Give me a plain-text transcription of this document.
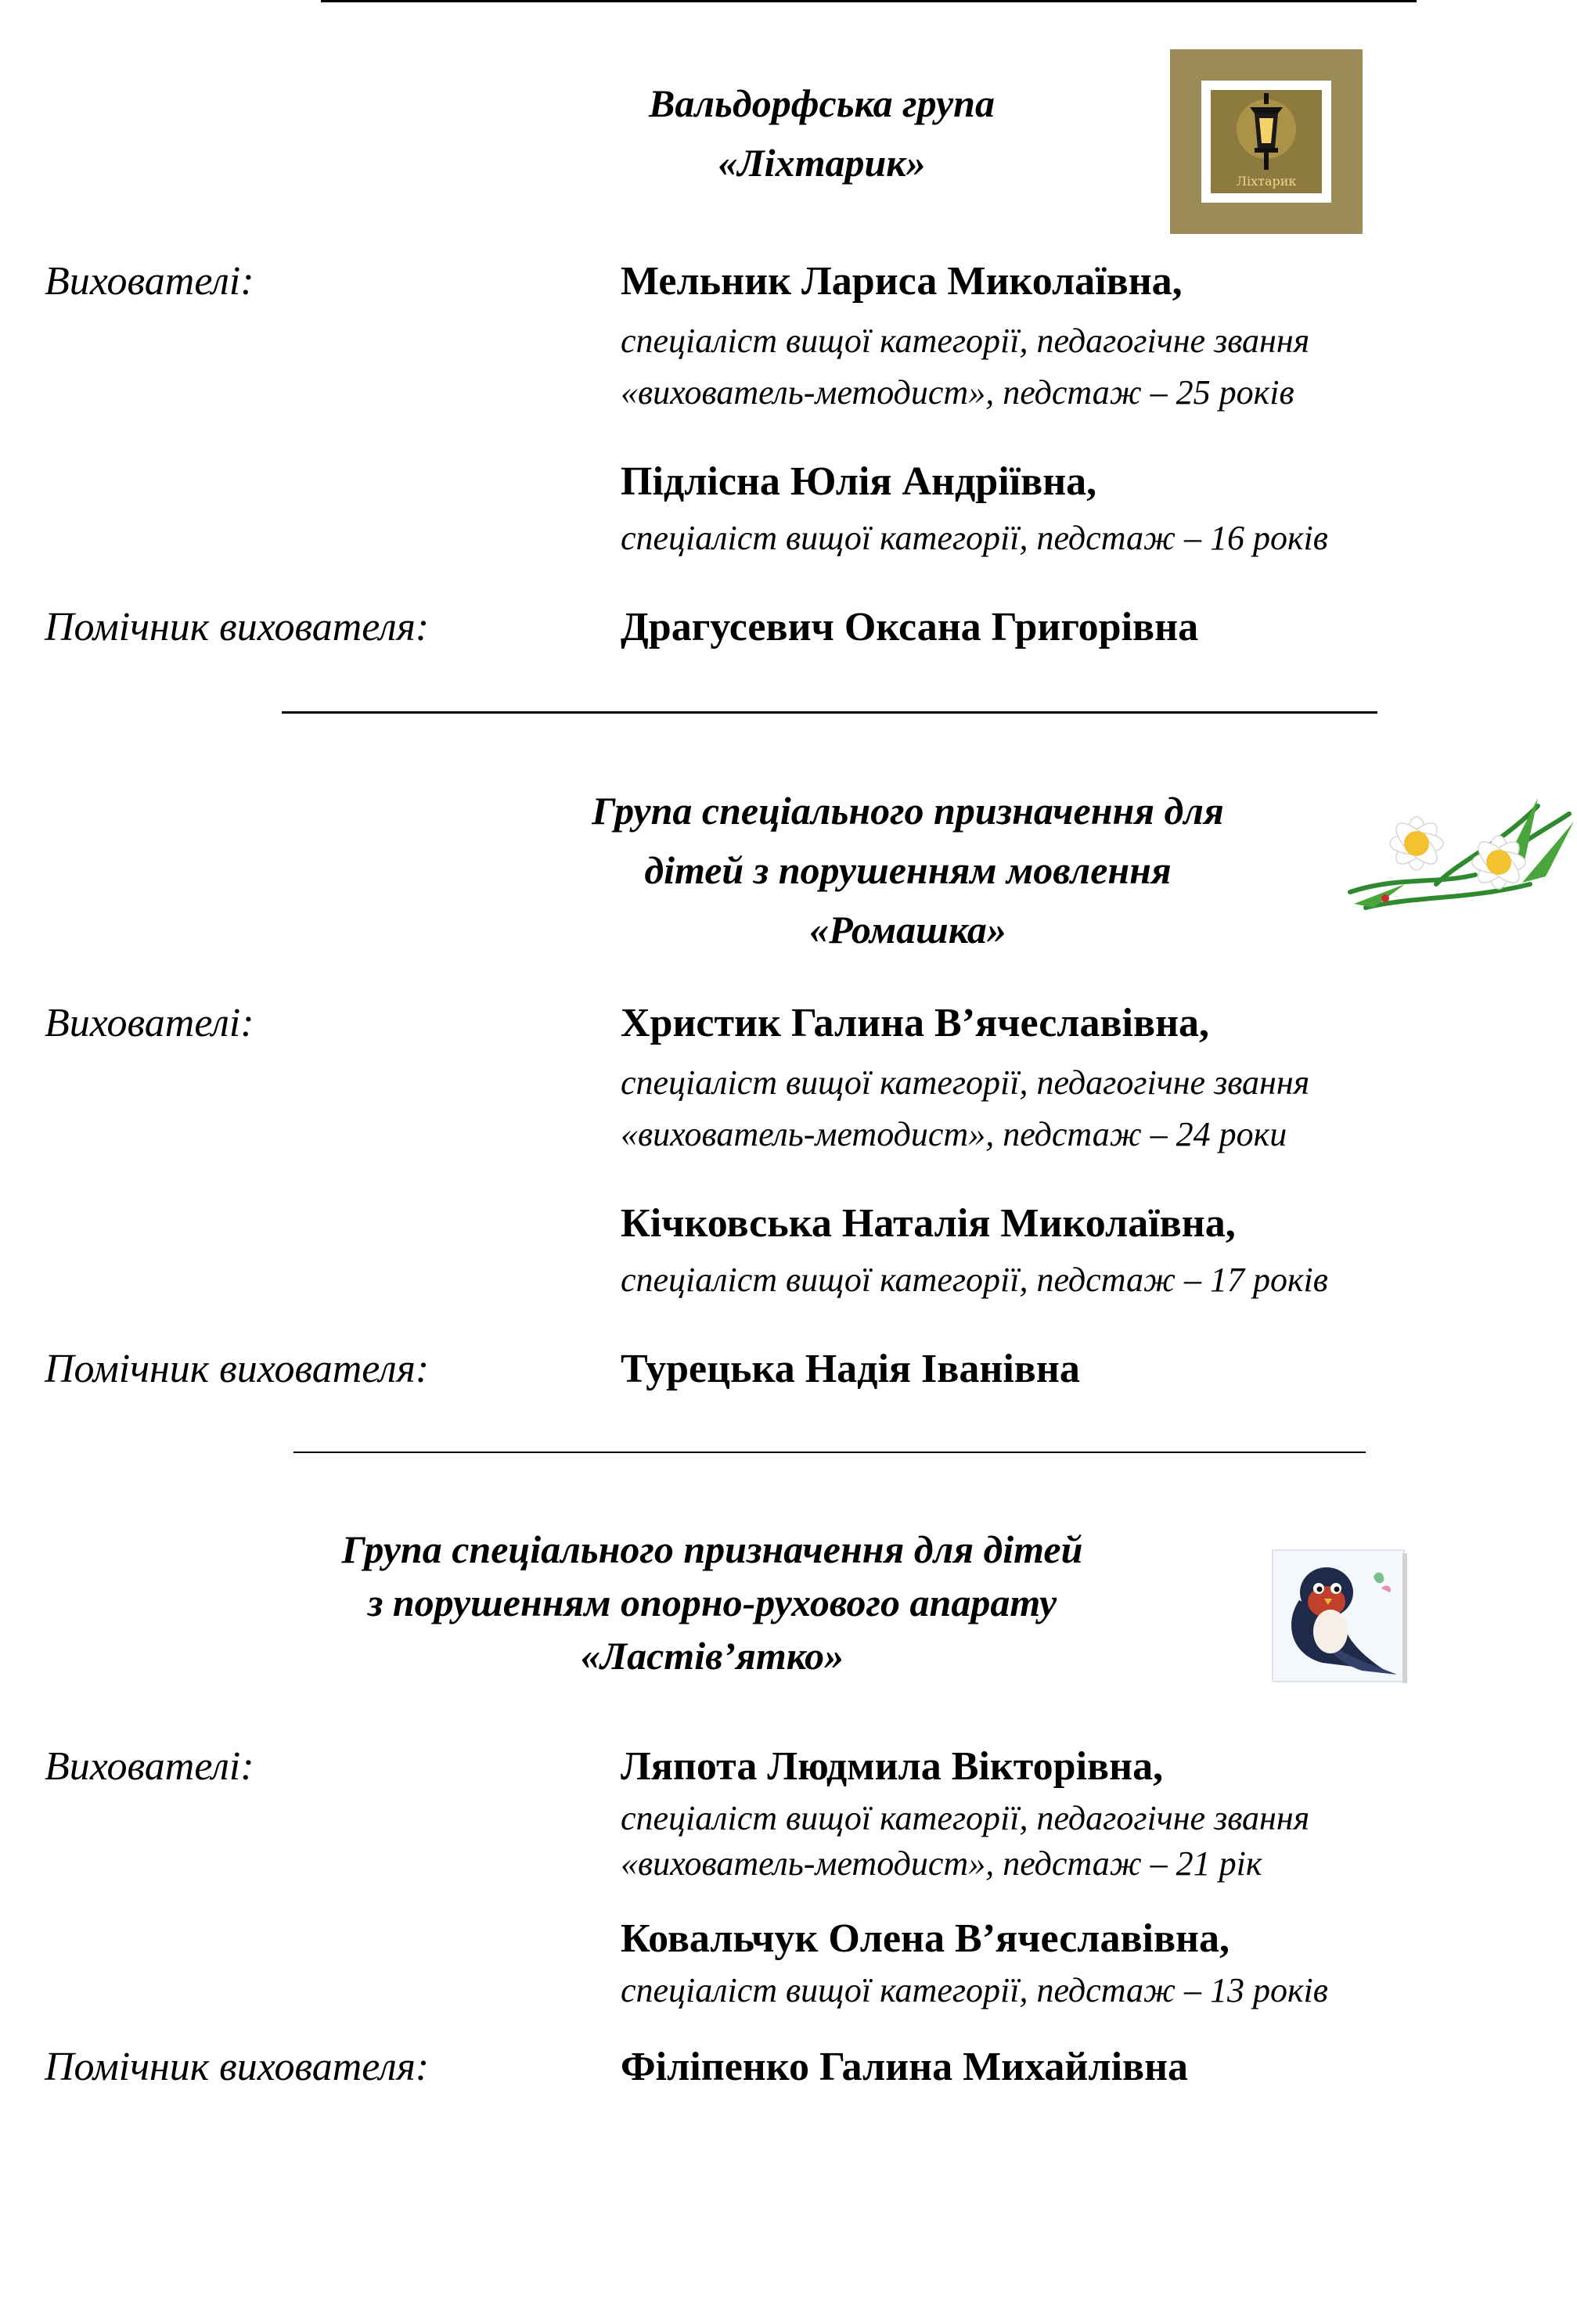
Вальдорфська група
«Ліхтарик»	Ліхтарик
Вихователі:	Мельник Лариса Миколаївна,
спеціаліст вищої категорії, педагогічне звання
«вихователь-методист», педстаж – 25 років
Підлісна Юлія Андріївна,
спеціаліст вищої категорії, педстаж – 16 років
Помічник вихователя:	Драгусевич Оксана Григорівна
Група спеціального призначення для
дітей з порушенням мовлення
«Ромашка»
Вихователі:	Христик Галина В’ячеславівна,
спеціаліст вищої категорії, педагогічне звання
«вихователь-методист», педстаж – 24 роки
Кічковська Наталія Миколаївна,
спеціаліст вищої категорії, педстаж – 17 років
Помічник вихователя:	Турецька Надія Іванівна
Група спеціального призначення для дітей
з порушенням опорно-рухового апарату
«Ластів’ятко»
Вихователі:	Ляпота Людмила Вікторівна,
спеціаліст вищої категорії, педагогічне звання
«вихователь-методист», педстаж – 21 рік
Ковальчук Олена В’ячеславівна,
спеціаліст вищої категорії, педстаж – 13 років
Помічник вихователя:	Філіпенко Галина Михайлівна
